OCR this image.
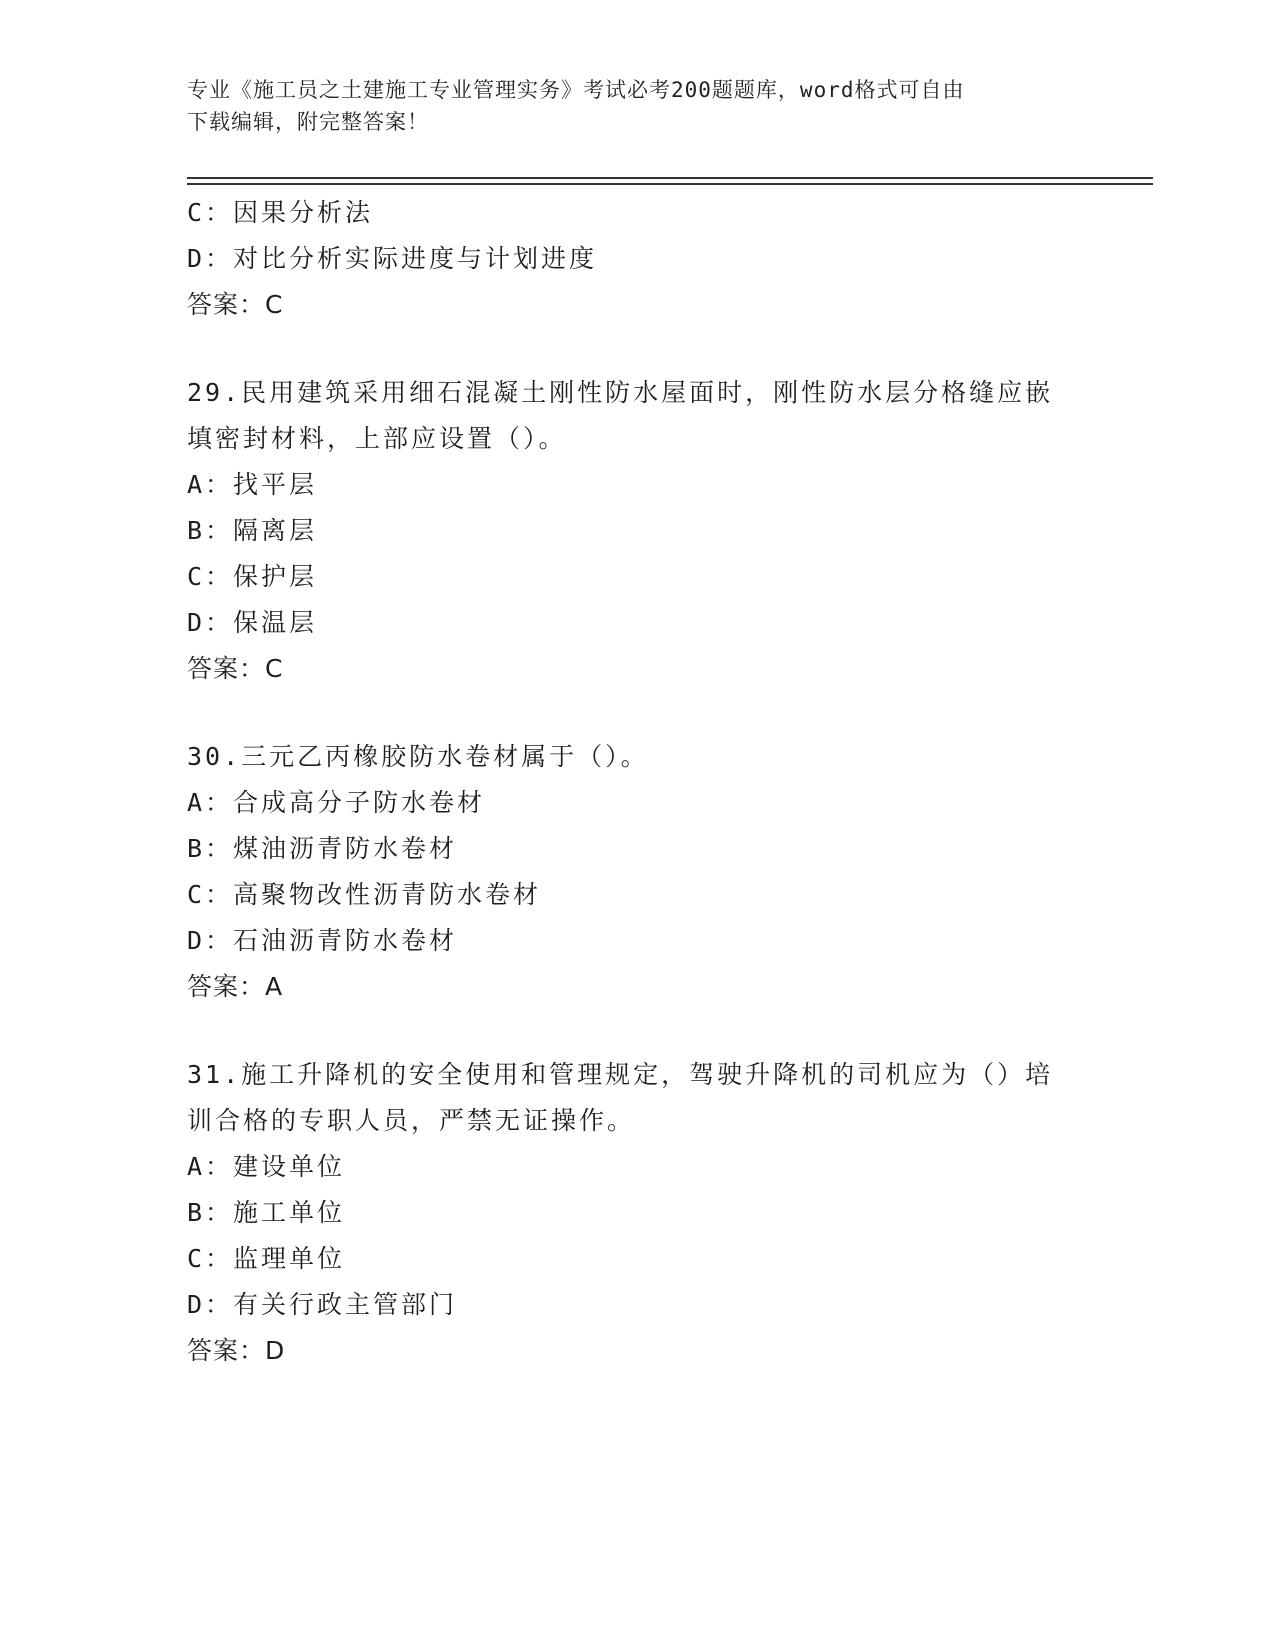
专业《施工员之土建施工专业管理实务》考试必考200题题库，word格式可自由
下载编辑，附完整答案！
C：因果分析法
D：对比分析实际进度与计划进度
答案：C
29.民用建筑采用细石混凝土刚性防水屋面时，刚性防水层分格缝应嵌
填密封材料，上部应设置（）。
A：找平层
B：隔离层
C：保护层
D：保温层
答案：C
30.三元乙丙橡胶防水卷材属于（）。
A：合成高分子防水卷材
B：煤油沥青防水卷材
C：高聚物改性沥青防水卷材
D：石油沥青防水卷材
答案：A
31.施工升降机的安全使用和管理规定，驾驶升降机的司机应为（）培
训合格的专职人员，严禁无证操作。
A：建设单位
B：施工单位
C：监理单位
D：有关行政主管部门
答案：D
